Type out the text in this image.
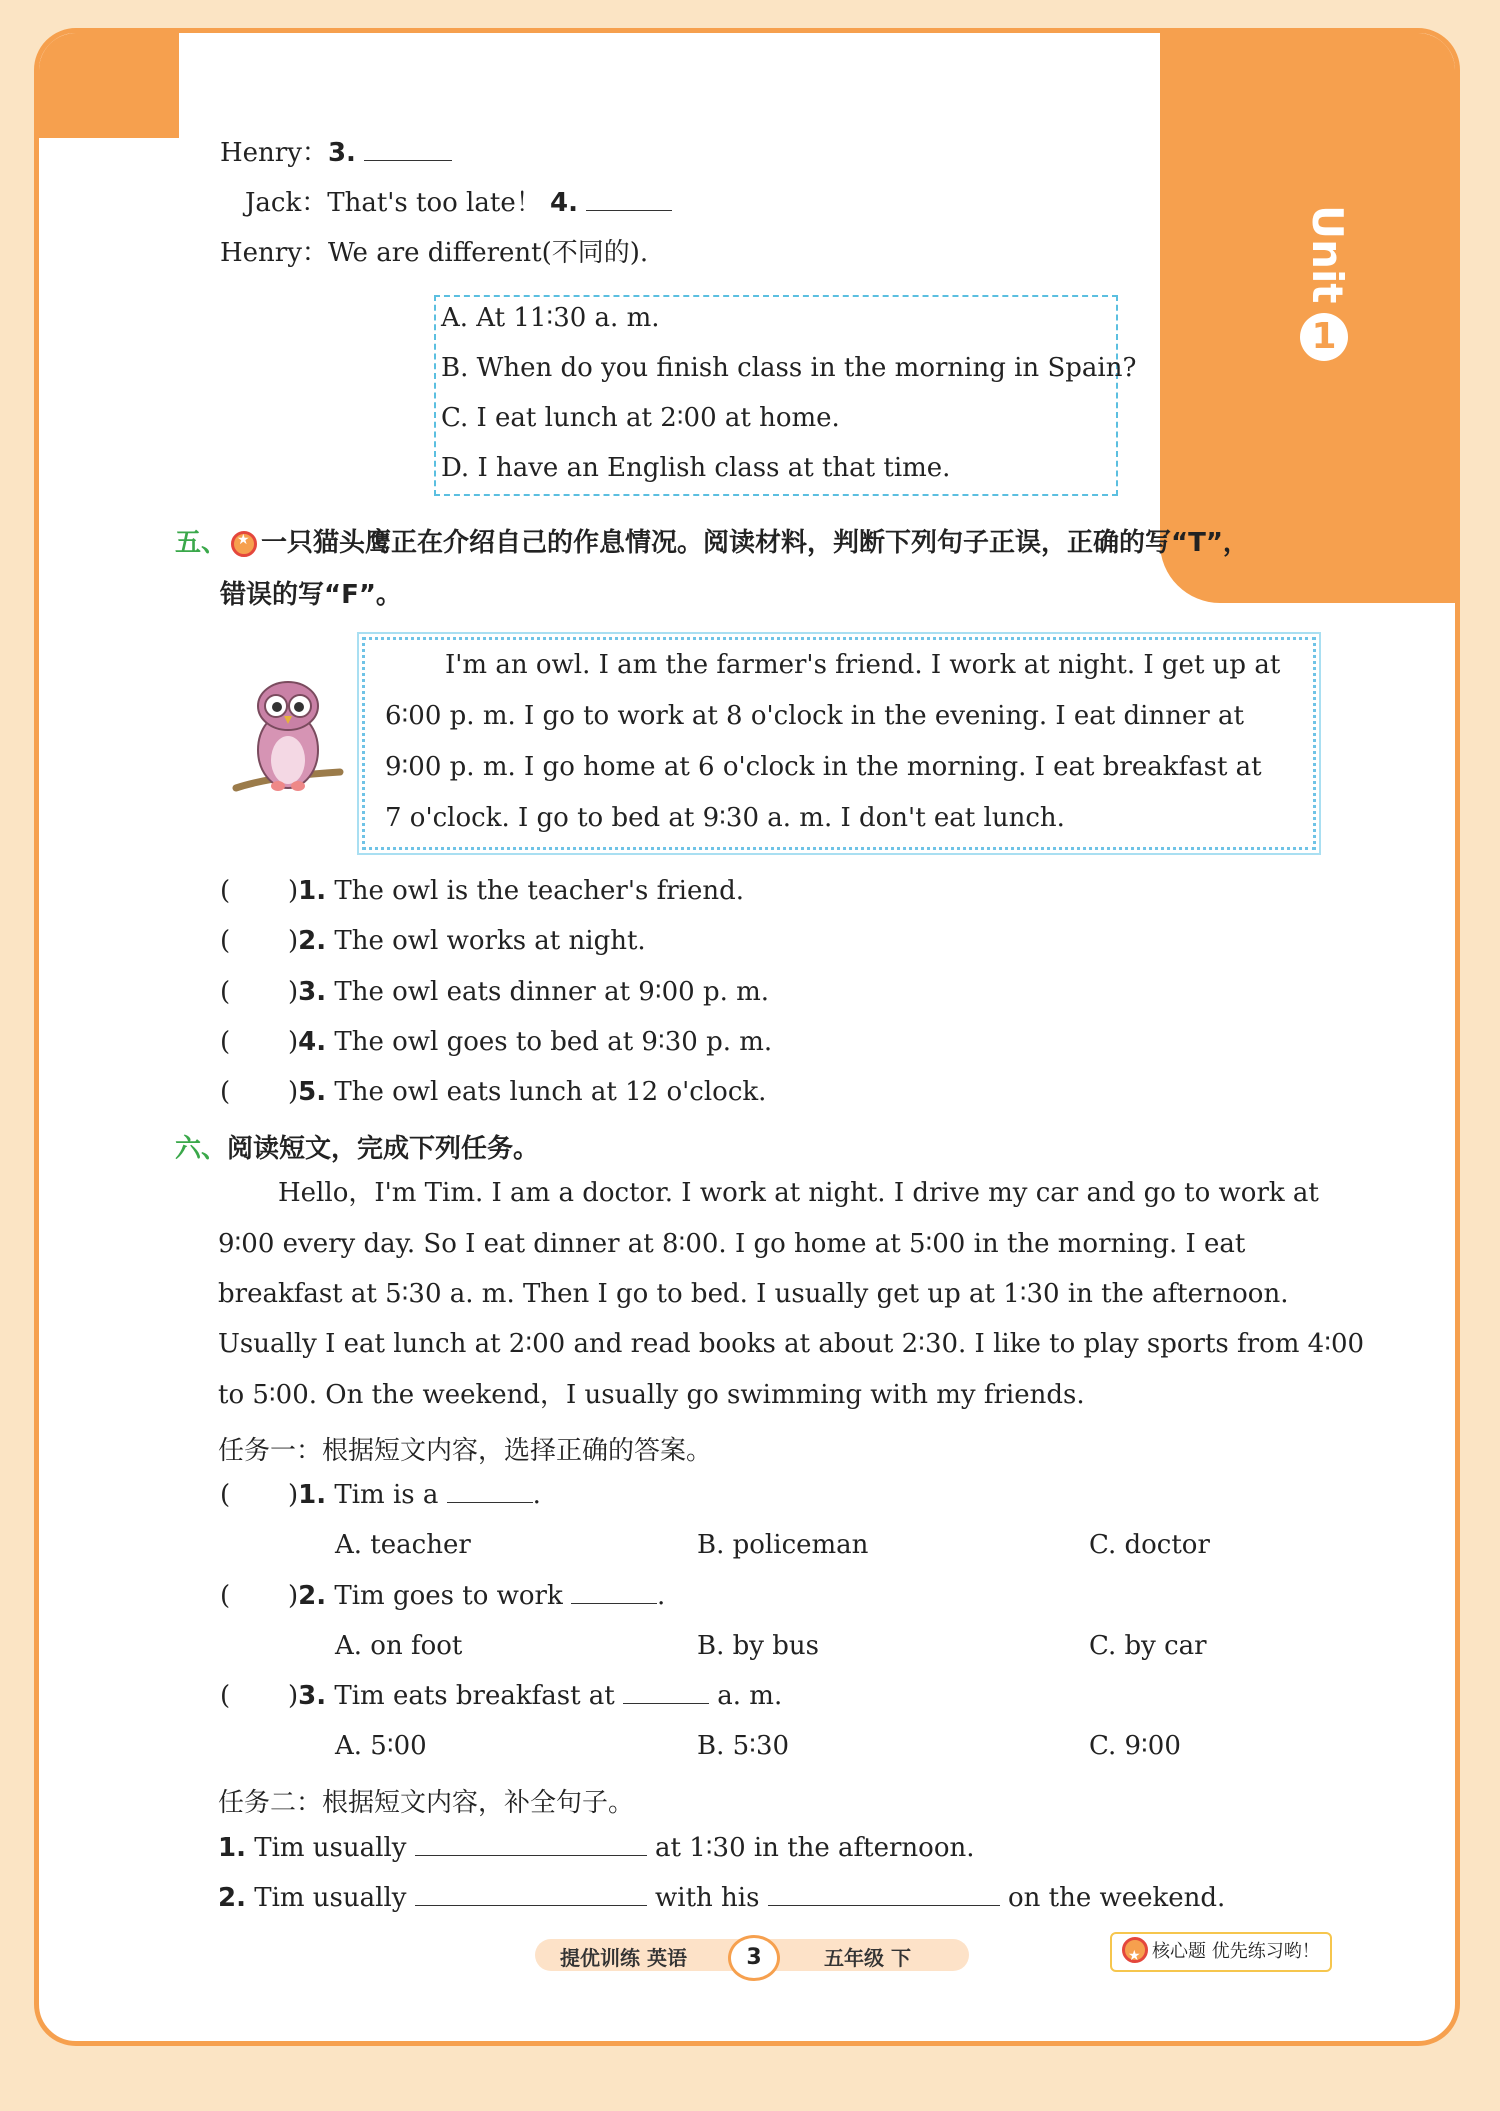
Unit1
Henry：3.
Jack：That's too late！ 4.
Henry：We are different(不同的).
A. At 11∶30 a. m.
B. When do you finish class in the morning in Spain?
C. I eat lunch at 2∶00 at home.
D. I have an English class at that time.
五、 ★ 一只猫头鹰正在介绍自己的作息情况。阅读材料，判断下列句子正误，正确的写“T”，
错误的写“F”。
I'm an owl. I am the farmer's friend. I work at night. I get up at
6∶00 p. m. I go to work at 8 o'clock in the evening. I eat dinner at
9∶00 p. m. I go home at 6 o'clock in the morning. I eat breakfast at
7 o'clock. I go to bed at 9∶30 a. m. I don't eat lunch.
(       )1. The owl is the teacher's friend.
(       )2. The owl works at night.
(       )3. The owl eats dinner at 9∶00 p. m.
(       )4. The owl goes to bed at 9∶30 p. m.
(       )5. The owl eats lunch at 12 o'clock.
六、阅读短文，完成下列任务。
Hello，I'm Tim. I am a doctor. I work at night. I drive my car and go to work at
9∶00 every day. So I eat dinner at 8∶00. I go home at 5∶00 in the morning. I eat
breakfast at 5∶30 a. m. Then I go to bed. I usually get up at 1∶30 in the afternoon.
Usually I eat lunch at 2∶00 and read books at about 2∶30. I like to play sports from 4∶00
to 5∶00. On the weekend，I usually go swimming with my friends.
任务一：根据短文内容，选择正确的答案。
(       )1. Tim is a	.
A. teacher	B. policeman	C. doctor
(       )2. Tim goes to work	.
A. on foot	B. by bus	C. by car
(       )3. Tim eats breakfast at	a. m.
A. 5∶00	B. 5∶30	C. 9∶00
任务二：根据短文内容，补全句子。
1. Tim usually	at 1∶30 in the afternoon.
2. Tim usually	with his	on the weekend.
提优训练 英语	3	五年级 下 ★	核心题 优先练习哟！
